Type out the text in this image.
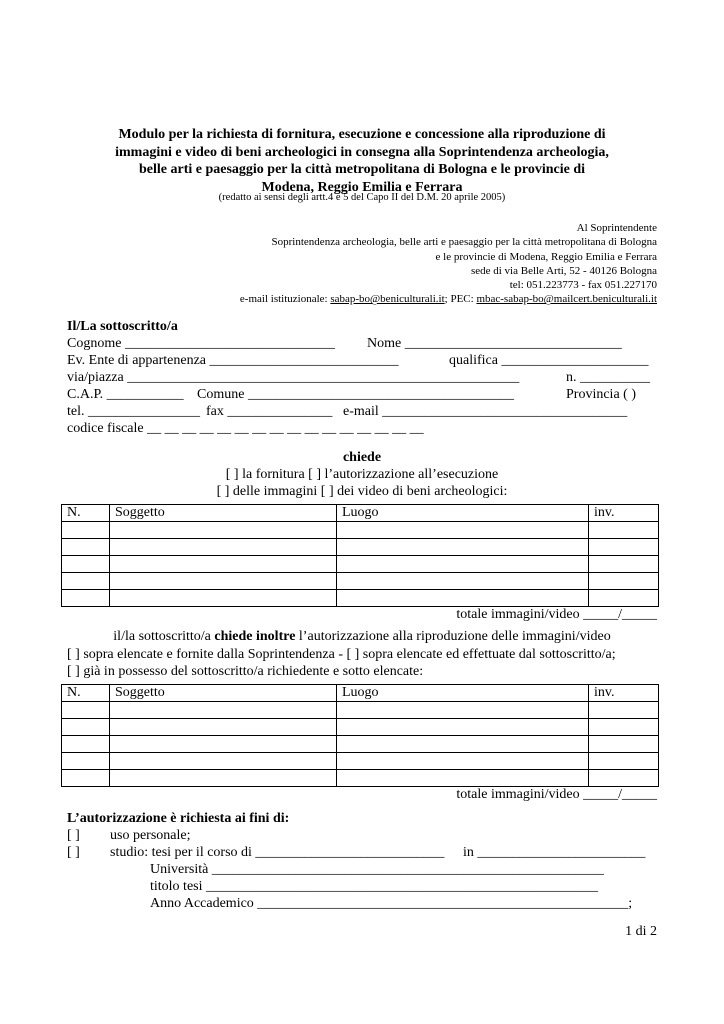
Modulo per la richiesta di fornitura, esecuzione e concessione alla riproduzione di
immagini e video di beni archeologici in consegna alla Soprintendenza archeologia,
belle arti e paesaggio per la città metropolitana di Bologna e le provincie di
Modena, Reggio Emilia e Ferrara
(redatto ai sensi degli artt.4 e 5 del Capo II del D.M. 20 aprile 2005)
Al Soprintendente
Soprintendenza archeologia, belle arti e paesaggio per la città metropolitana di Bologna
e le provincie di Modena, Reggio Emilia e Ferrara
sede di via Belle Arti, 52 - 40126 Bologna
tel: 051.223773 - fax 051.227170
e-mail istituzionale: sabap-bo@beniculturali.it; PEC: mbac-sabap-bo@mailcert.beniculturali.it
Il/La sottoscritto/a
Cognome ______________________________ Nome _______________________________
Ev. Ente di appartenenza ___________________________	qualifica _____________________
via/piazza ________________________________________________________	n. __________
C.A.P. ___________ Comune ______________________________________	Provincia ( )
tel. ________________ fax _______________ e-mail ___________________________________
codice fiscale __ __ __ __ __ __ __ __ __ __ __ __ __ __ __ __
chiede
[ ] la fornitura [ ] l’autorizzazione all’esecuzione
[ ] delle immagini [ ] dei video di beni archeologici:
N.	Soggetto	Luogo	inv.

totale immagini/video _____/_____
il/la sottoscritto/a chiede inoltre l’autorizzazione alla riproduzione delle immagini/video
[ ] sopra elencate e fornite dalla Soprintendenza - [ ] sopra elencate ed effettuate dal sottoscritto/a;
[ ] già in possesso del sottoscritto/a richiedente e sotto elencate:
N.	Soggetto	Luogo	inv.

totale immagini/video _____/_____
L’autorizzazione è richiesta ai fini di:
[ ] uso personale;
[ ] studio: tesi per il corso di ___________________________ in ________________________
Università ________________________________________________________
titolo tesi ________________________________________________________
Anno Accademico _____________________________________________________;
1 di 2
